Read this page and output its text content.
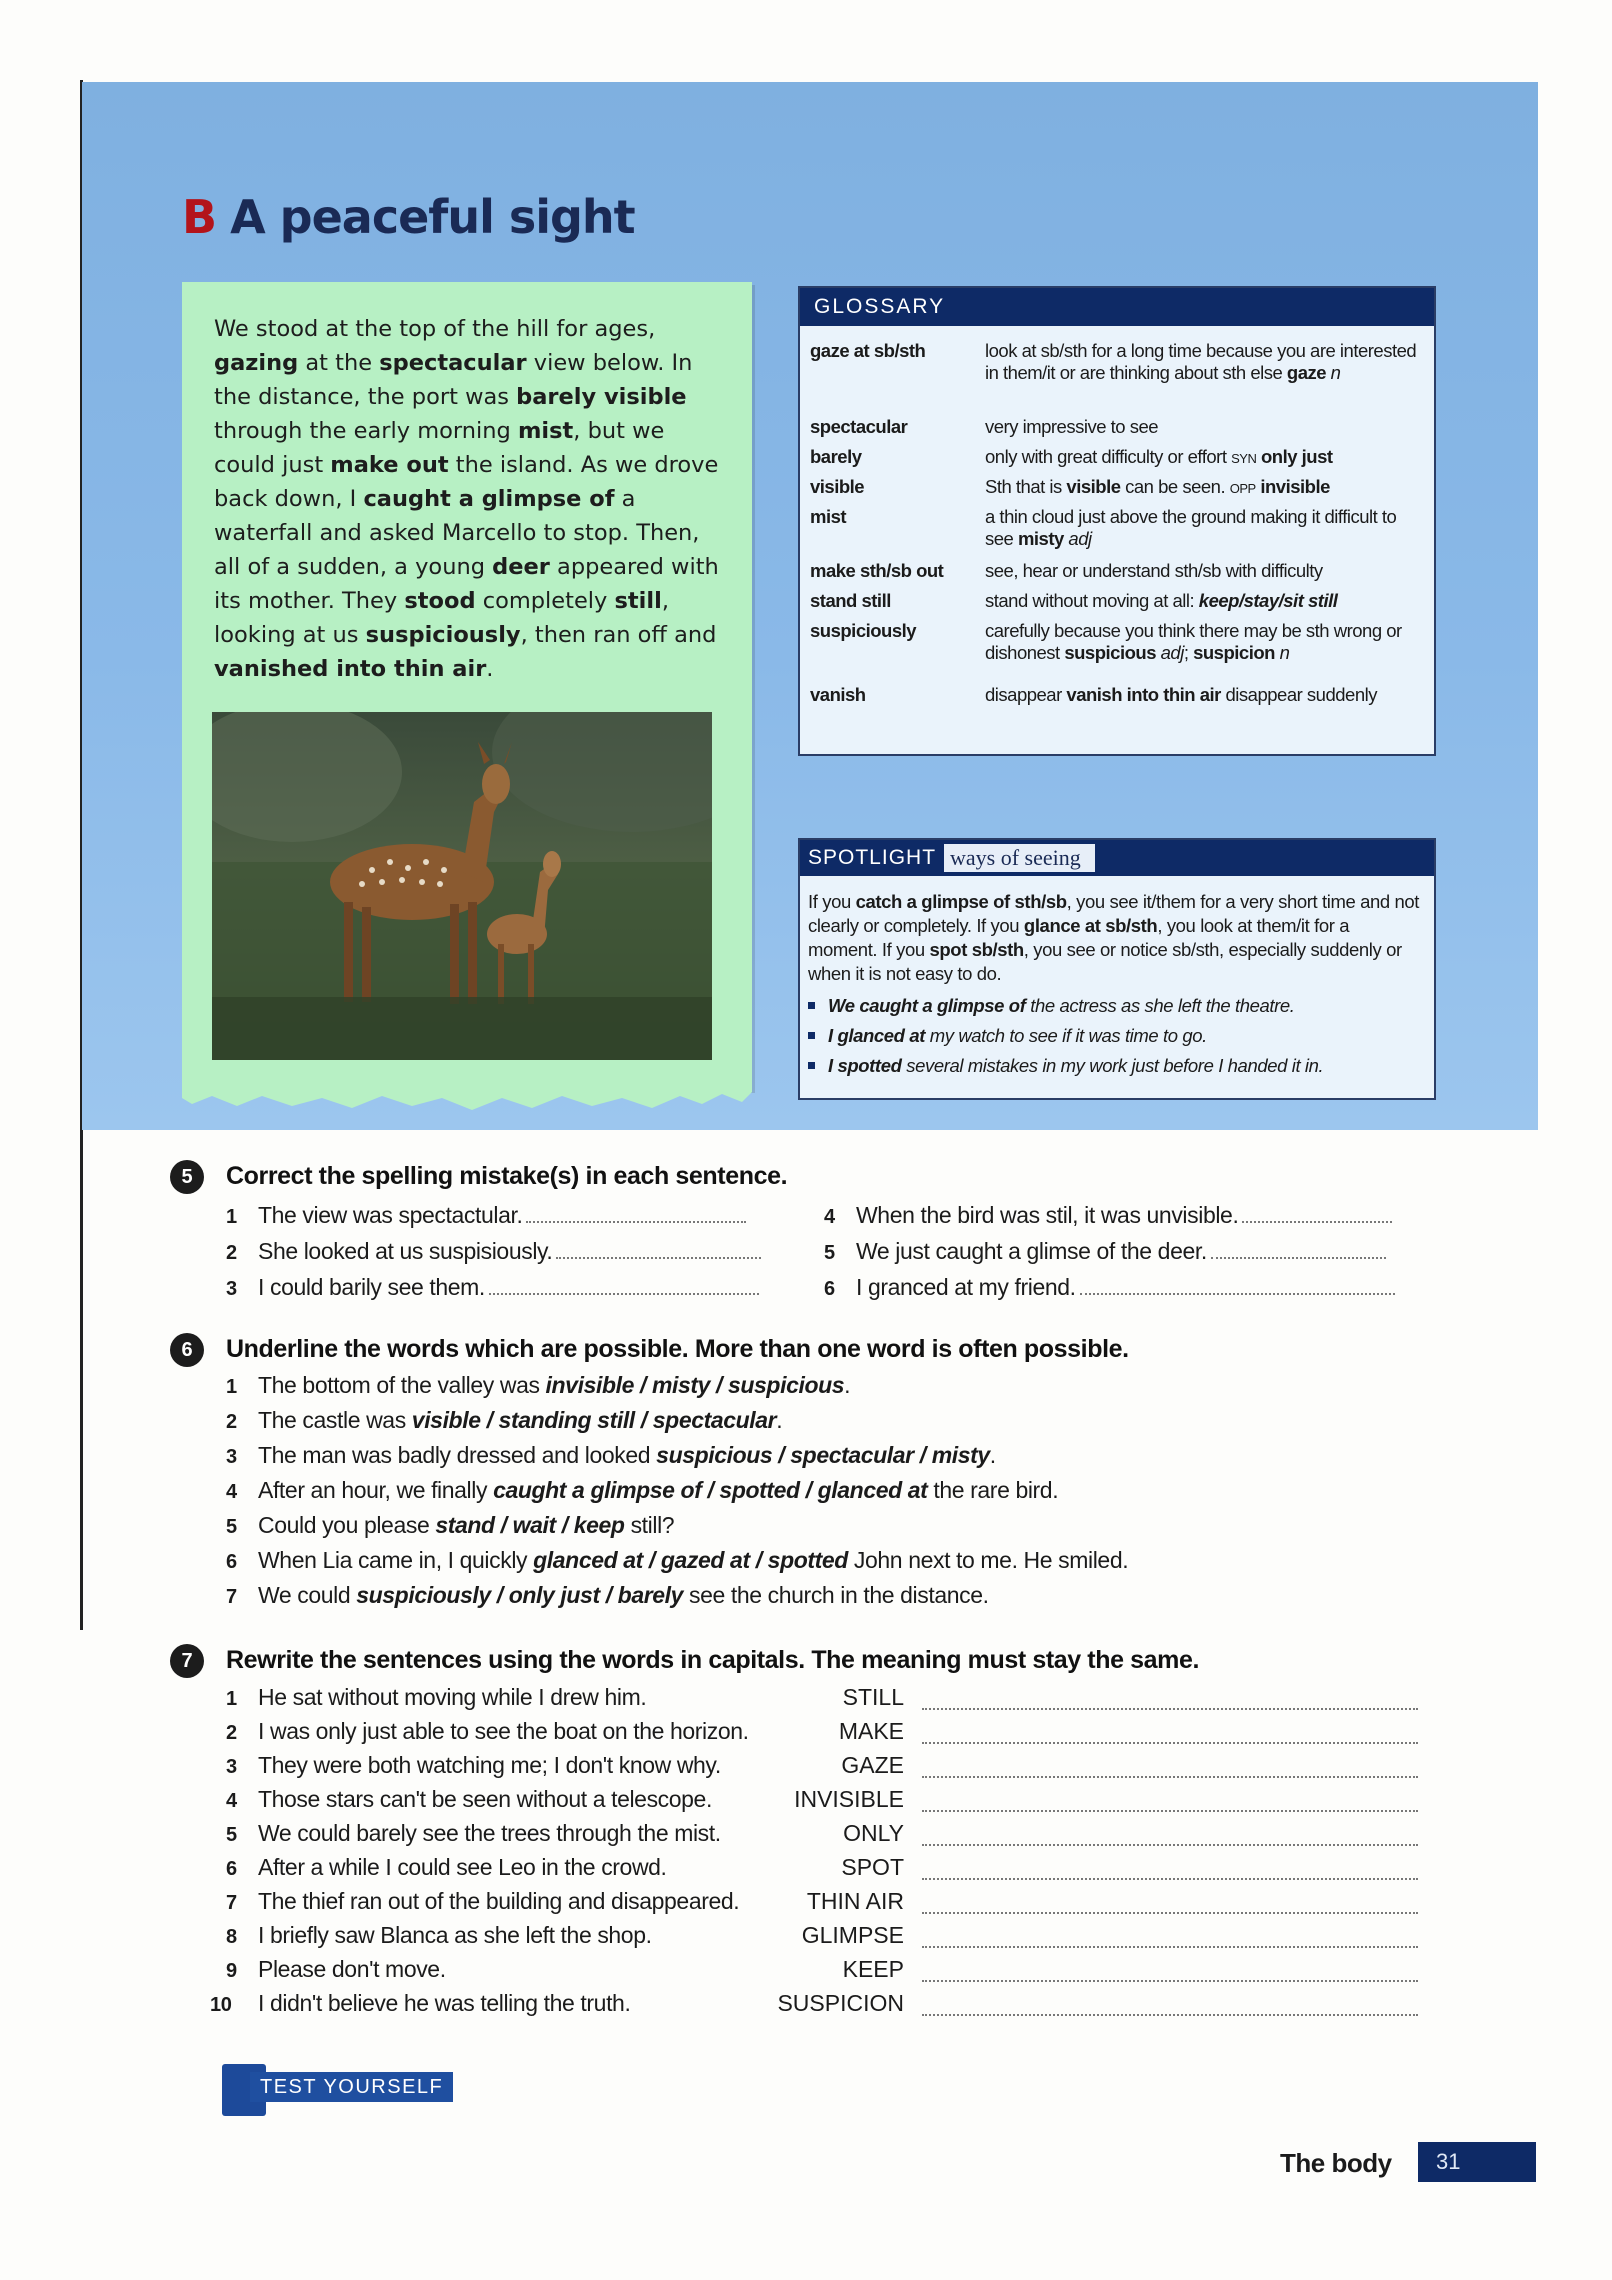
B A peaceful sight
We stood at the top of the hill for ages, gazing at the spectacular view below. In the distance, the port was barely visible through the early morning mist, but we could just make out the island. As we drove back down, I caught a glimpse of a waterfall and asked Marcello to stop. Then, all of a sudden, a young deer appeared with its mother. They stood completely still, looking at us suspiciously, then ran off and vanished into thin air.
GLOSSARY
gaze at sb/sth	look at sb/sth for a long time because you are interested in them/it or are thinking about sth else gaze n
spectacular	very impressive to see
barely	only with great difficulty or effort SYN only just
visible	Sth that is visible can be seen. OPP invisible
mist	a thin cloud just above the ground making it difficult to see misty adj
make sth/sb out	see, hear or understand sth/sb with difficulty
stand still	stand without moving at all: keep/stay/sit still
suspiciously	carefully because you think there may be sth wrong or dishonest suspicious adj; suspicion n
vanish	disappear vanish into thin air disappear suddenly
SPOTLIGHT ways of seeing
If you catch a glimpse of sth/sb, you see it/them for a very short time and not clearly or completely. If you glance at sb/sth, you look at them/it for a moment. If you spot sb/sth, you see or notice sb/sth, especially suddenly or when it is not easy to do.
We caught a glimpse of the actress as she left the theatre.
I glanced at my watch to see if it was time to go.
I spotted several mistakes in my work just before I handed it in.
5	Correct the spelling mistake(s) in each sentence.
1 The view was spectactular.
2 She looked at us suspisiously.
3 I could barily see them.
4 When the bird was stil, it was unvisible.
5 We just caught a glimse of the deer.
6 I granced at my friend.
6	Underline the words which are possible. More than one word is often possible.
1 The bottom of the valley was invisible / misty / suspicious.
2 The castle was visible / standing still / spectacular.
3 The man was badly dressed and looked suspicious / spectacular / misty.
4 After an hour, we finally caught a glimpse of / spotted / glanced at the rare bird.
5 Could you please stand / wait / keep still?
6 When Lia came in, I quickly glanced at / gazed at / spotted John next to me. He smiled.
7 We could suspiciously / only just / barely see the church in the distance.
7	Rewrite the sentences using the words in capitals. The meaning must stay the same.
1 He sat without moving while I drew him.	STILL
2 I was only just able to see the boat on the horizon.	MAKE
3 They were both watching me; I don't know why.	GAZE
4 Those stars can't be seen without a telescope.	INVISIBLE
5 We could barely see the trees through the mist.	ONLY
6 After a while I could see Leo in the crowd.	SPOT
7 The thief ran out of the building and disappeared.	THIN AIR
8 I briefly saw Blanca as she left the shop.	GLIMPSE
9 Please don't move.	KEEP
10 I didn't believe he was telling the truth.	SUSPICION
TEST YOURSELF
The body	31
